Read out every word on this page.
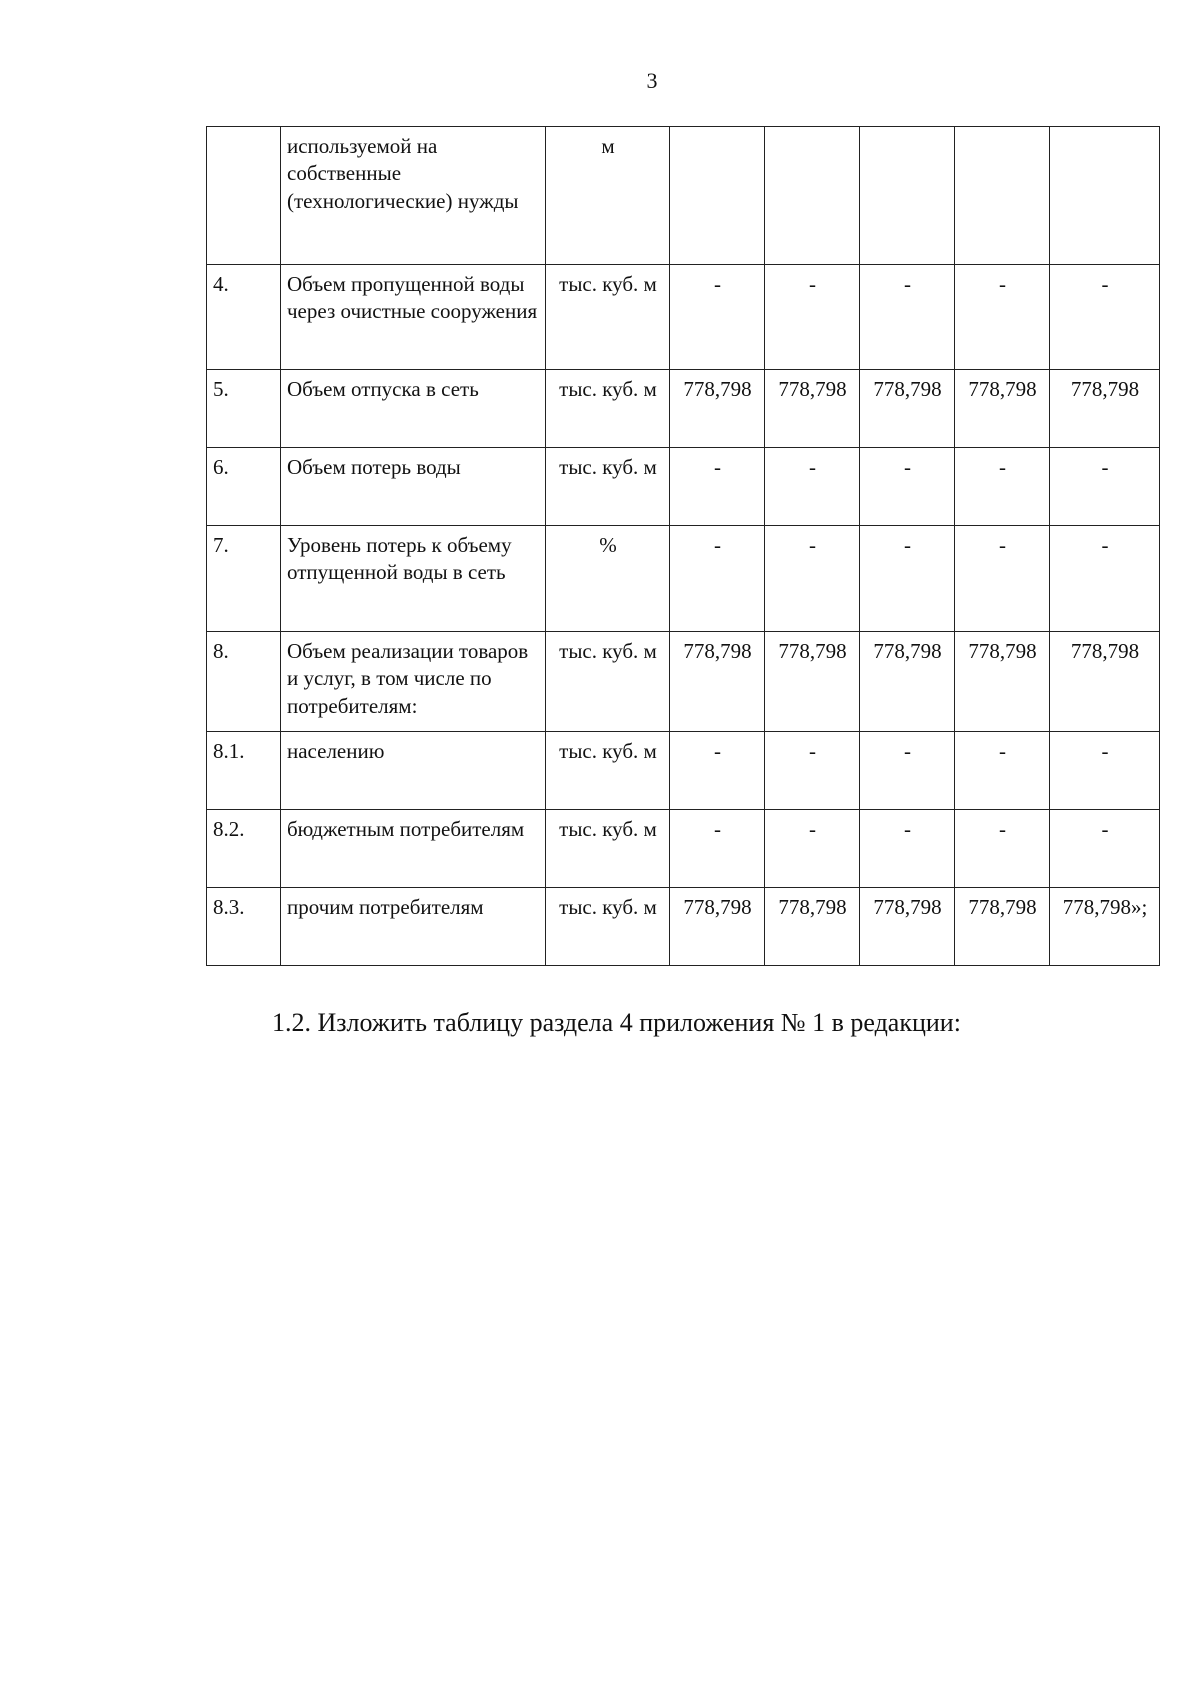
3
	используемой на собственные (технологические) нужды	м					
4.	Объем пропущенной воды через очистные сооружения	тыс. куб. м	-	-	-	-	-
5.	Объем отпуска в сеть	тыс. куб. м	778,798	778,798	778,798	778,798	778,798
6.	Объем потерь воды	тыс. куб. м	-	-	-	-	-
7.	Уровень потерь к объему отпущенной воды в сеть	%	-	-	-	-	-
8.	Объем реализации товаров и услуг, в том числе по потребителям:	тыс. куб. м	778,798	778,798	778,798	778,798	778,798
8.1.	населению	тыс. куб. м	-	-	-	-	-
8.2.	бюджетным потребителям	тыс. куб. м	-	-	-	-	-
8.3.	прочим потребителям	тыс. куб. м	778,798	778,798	778,798	778,798	778,798»;

1.2. Изложить таблицу раздела 4 приложения № 1 в редакции:
